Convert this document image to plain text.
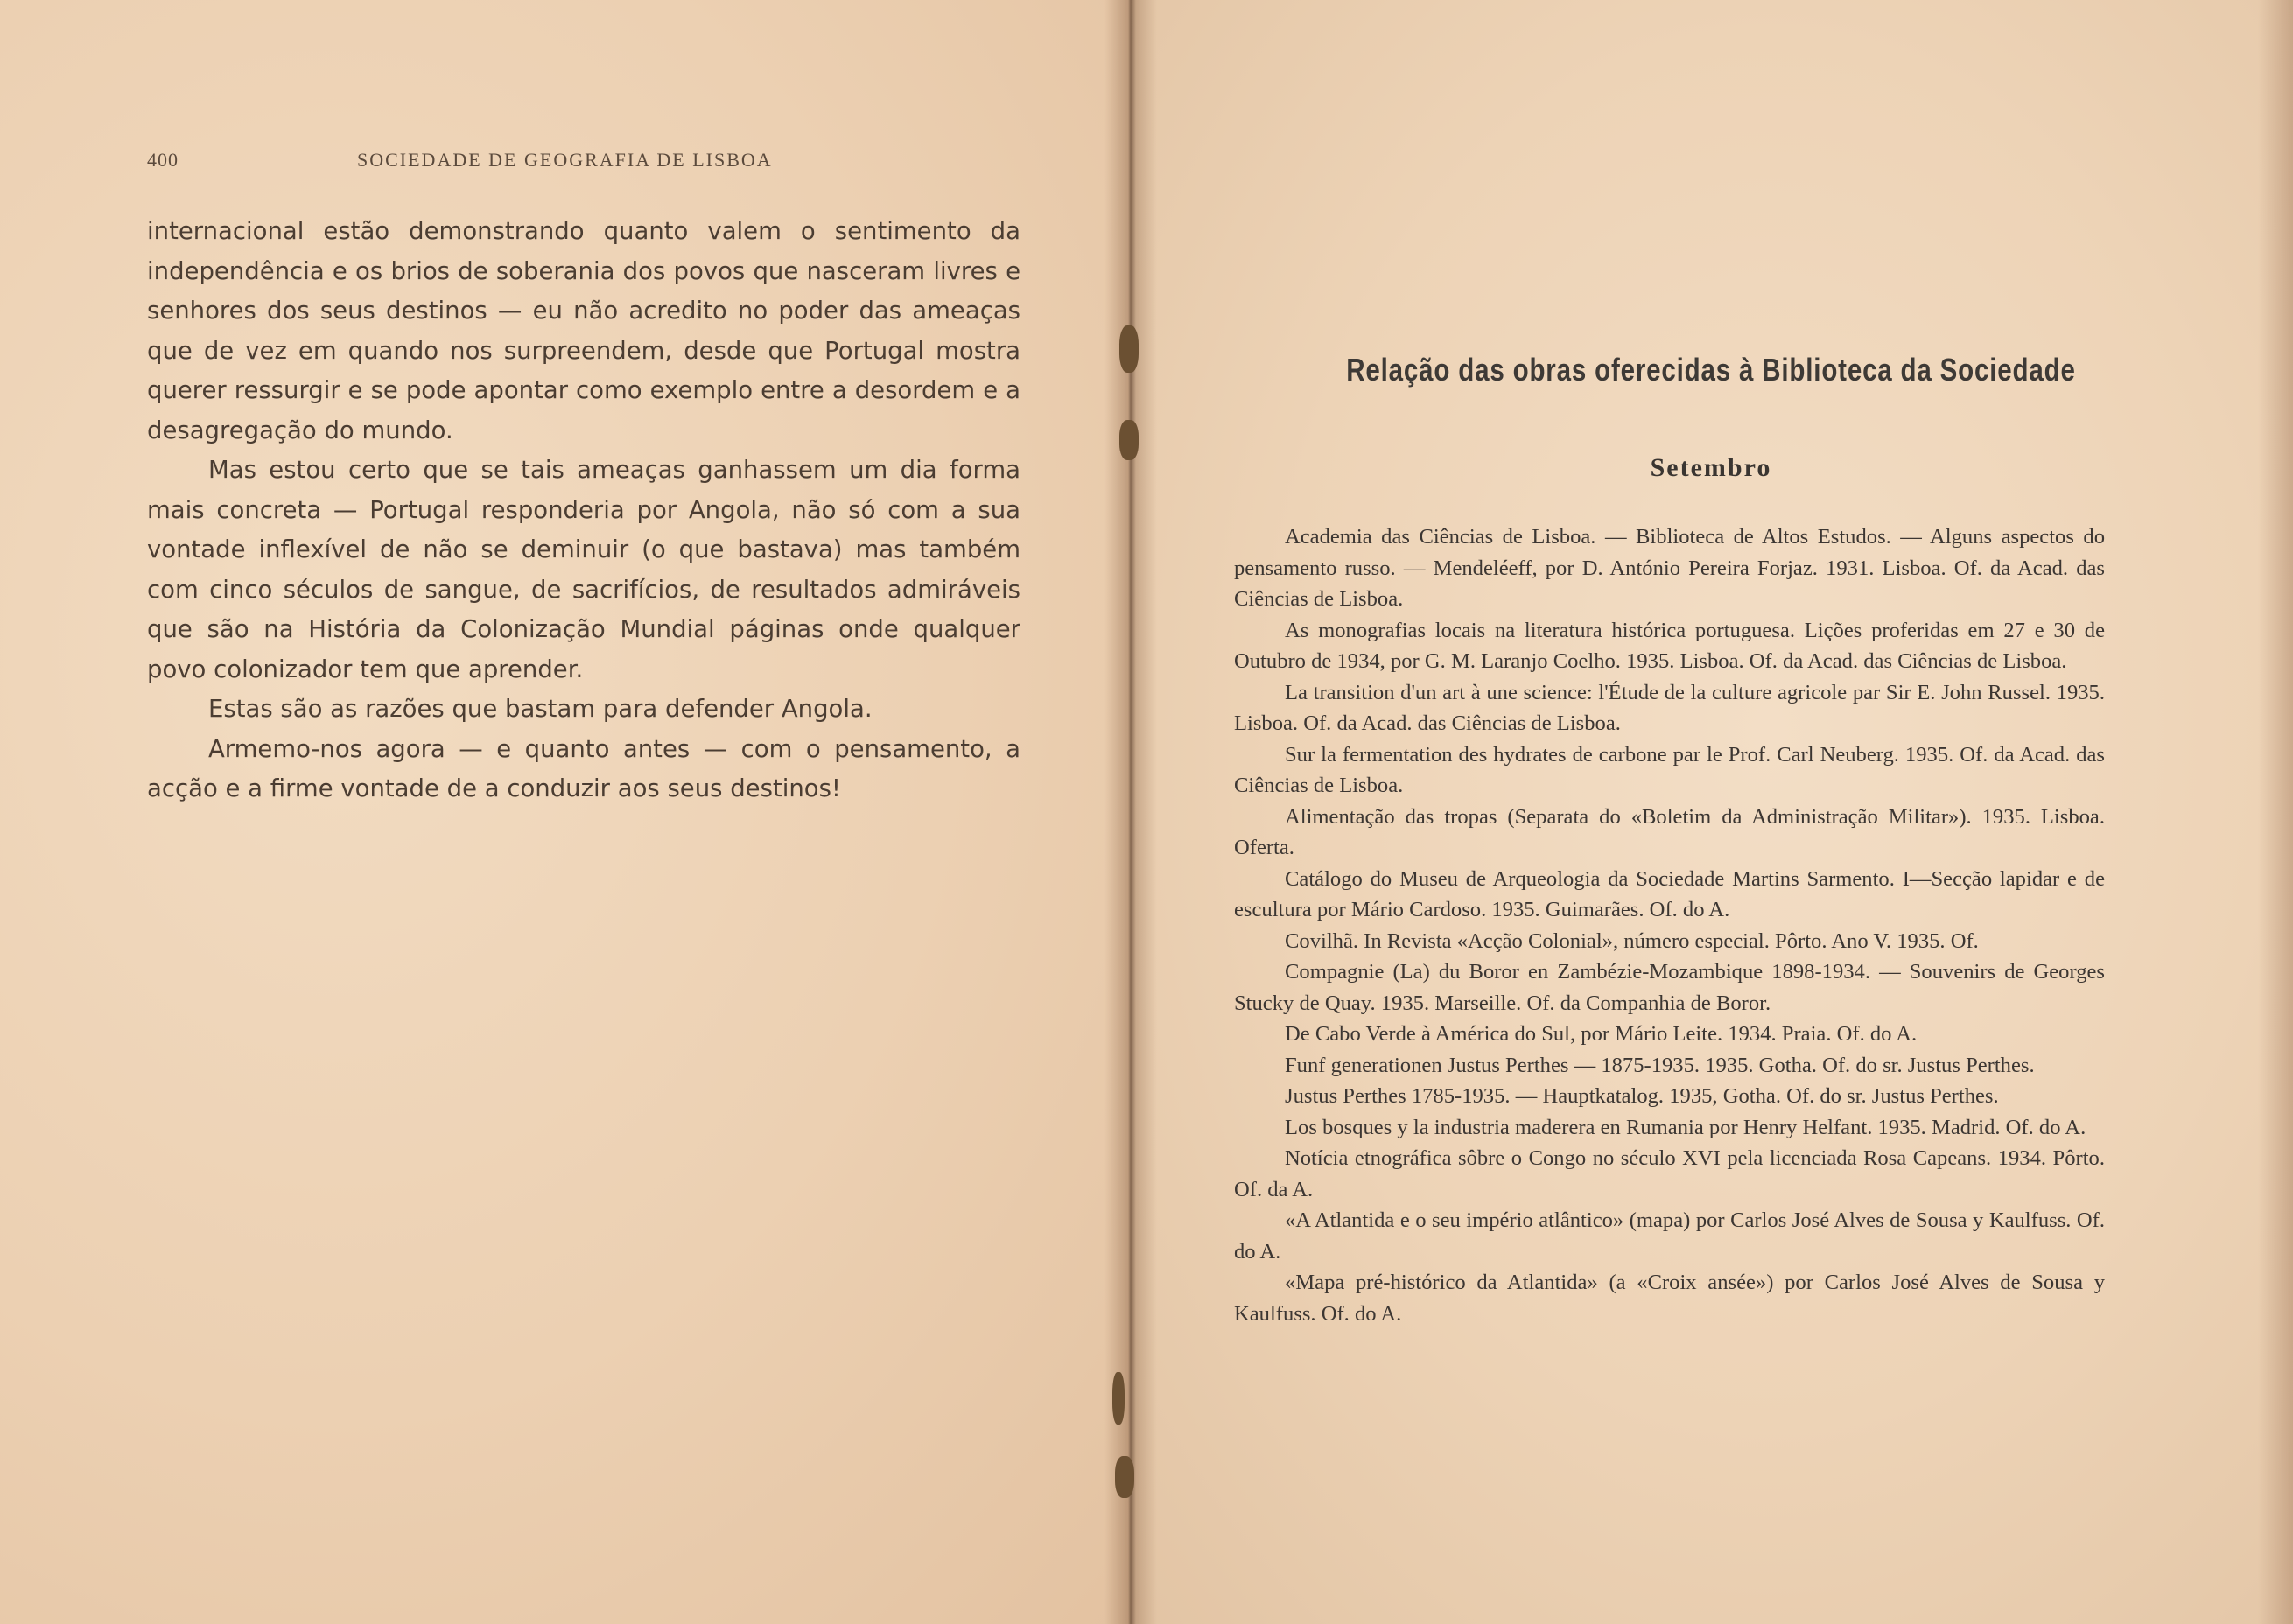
400	SOCIEDADE DE GEOGRAFIA DE LISBOA

internacional estão demonstrando quanto valem o sentimento da independência e os brios de soberania dos povos que nasceram livres e senhores dos seus destinos — eu não acredito no poder das ameaças que de vez em quando nos surpreendem, desde que Portugal mostra querer ressurgir e se pode apontar como exemplo entre a desordem e a desagregação do mundo.

Mas estou certo que se tais ameaças ganhassem um dia forma mais concreta — Portugal responderia por Angola, não só com a sua vontade inflexível de não se deminuir (o que bastava) mas também com cinco séculos de sangue, de sacrifícios, de resultados admiráveis que são na História da Colonização Mundial páginas onde qualquer povo colonizador tem que aprender.

Estas são as razões que bastam para defender Angola.

Armemo-nos agora — e quanto antes — com o pensamento, a acção e a firme vontade de a conduzir aos seus destinos!

Relação das obras oferecidas à Biblioteca da Sociedade
Setembro

Academia das Ciências de Lisboa. — Biblioteca de Altos Estudos. — Alguns aspectos do pensamento russo. — Mendeléeff, por D. António Pereira Forjaz. 1931. Lisboa. Of. da Acad. das Ciências de Lisboa.

As monografias locais na literatura histórica portuguesa. Lições proferidas em 27 e 30 de Outubro de 1934, por G. M. Laranjo Coelho. 1935. Lisboa. Of. da Acad. das Ciências de Lisboa.

La transition d'un art à une science: l'Étude de la culture agricole par Sir E. John Russel. 1935. Lisboa. Of. da Acad. das Ciências de Lisboa.

Sur la fermentation des hydrates de carbone par le Prof. Carl Neuberg. 1935. Of. da Acad. das Ciências de Lisboa.

Alimentação das tropas (Separata do «Boletim da Administração Militar»). 1935. Lisboa. Oferta.

Catálogo do Museu de Arqueologia da Sociedade Martins Sarmento. I—Secção lapidar e de escultura por Mário Cardoso. 1935. Guimarães. Of. do A.

Covilhã. In Revista «Acção Colonial», número especial. Pôrto. Ano V. 1935. Of.

Compagnie (La) du Boror en Zambézie-Mozambique 1898-1934. — Souvenirs de Georges Stucky de Quay. 1935. Marseille. Of. da Companhia de Boror.

De Cabo Verde à América do Sul, por Mário Leite. 1934. Praia. Of. do A.

Funf generationen Justus Perthes — 1875-1935. 1935. Gotha. Of. do sr. Justus Perthes.

Justus Perthes 1785-1935. — Hauptkatalog. 1935, Gotha. Of. do sr. Justus Perthes.

Los bosques y la industria maderera en Rumania por Henry Helfant. 1935. Madrid. Of. do A.

Notícia etnográfica sôbre o Congo no século XVI pela licenciada Rosa Capeans. 1934. Pôrto. Of. da A.

«A Atlantida e o seu império atlântico» (mapa) por Carlos José Alves de Sousa y Kaulfuss. Of. do A.

«Mapa pré-histórico da Atlantida» (a «Croix ansée») por Carlos José Alves de Sousa y Kaulfuss. Of. do A.
